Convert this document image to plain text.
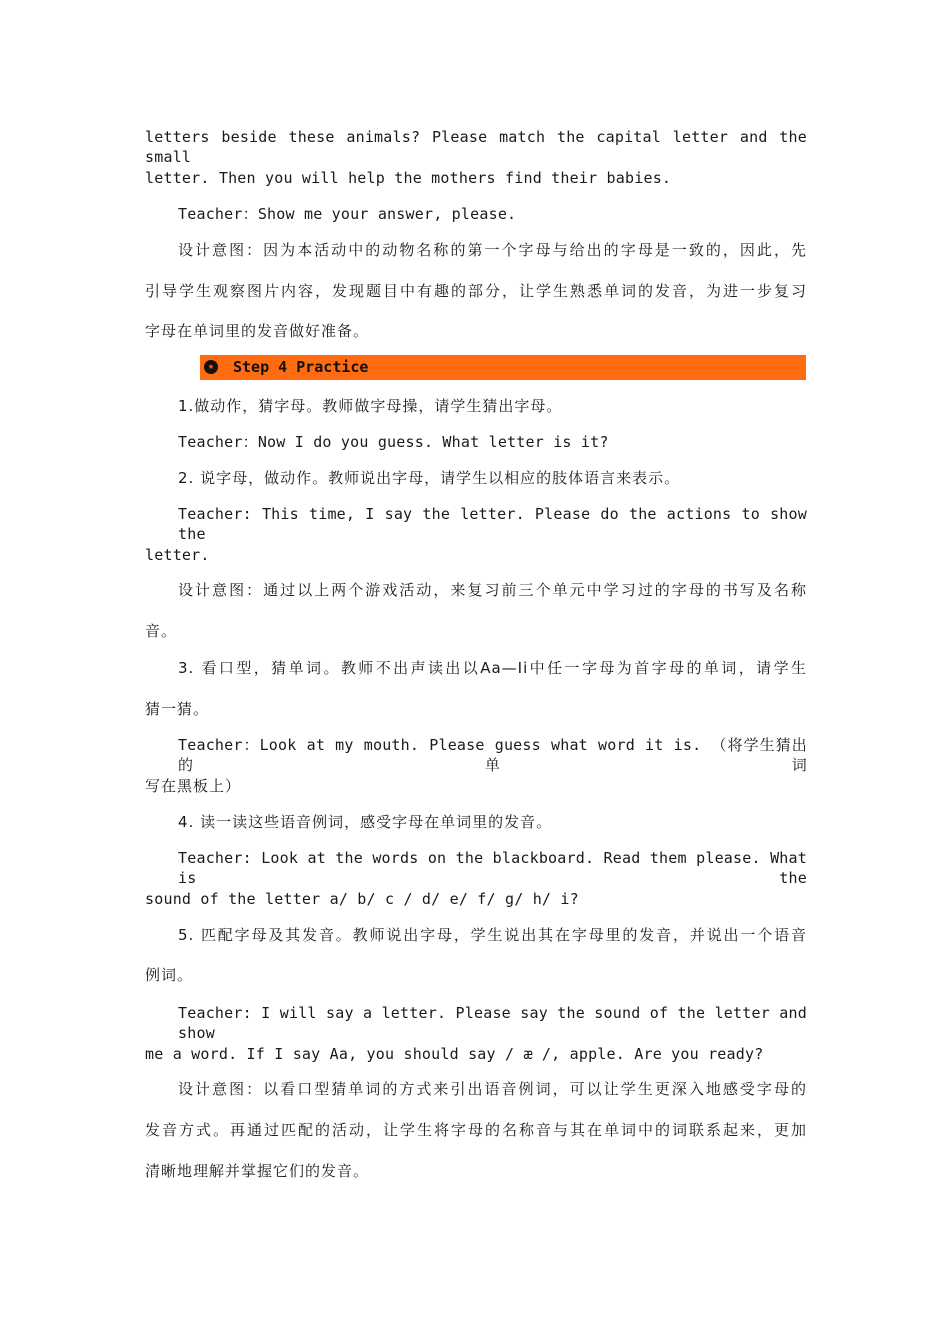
letters beside these animals? Please match the capital letter and the small
letter. Then you will help the mothers find their babies.
Teacher：Show me your answer, please.
设计意图：因为本活动中的动物名称的第一个字母与给出的字母是一致的，因此，先
引导学生观察图片内容，发现题目中有趣的部分，让学生熟悉单词的发音，为进一步复习
字母在单词里的发音做好准备。
★ Step 4 Practice
1.做动作，猜字母。教师做字母操，请学生猜出字母。
Teacher：Now I do you guess. What letter is it?
2. 说字母，做动作。教师说出字母，请学生以相应的肢体语言来表示。
Teacher: This time, I say the letter. Please do the actions to show the
letter.
设计意图：通过以上两个游戏活动，来复习前三个单元中学习过的字母的书写及名称
音。
3. 看口型，猜单词。教师不出声读出以Aa—Ii中任一字母为首字母的单词，请学生
猜一猜。
Teacher：Look at my mouth. Please guess what word it is. （将学生猜出的单词
写在黑板上）
4. 读一读这些语音例词，感受字母在单词里的发音。
Teacher: Look at the words on the blackboard. Read them please. What is the
sound of the letter a/ b/ c / d/ e/ f/ g/ h/ i?
5. 匹配字母及其发音。教师说出字母，学生说出其在字母里的发音，并说出一个语音
例词。
Teacher: I will say a letter. Please say the sound of the letter and show
me a word. If I say Aa, you should say / æ /, apple. Are you ready?
设计意图：以看口型猜单词的方式来引出语音例词，可以让学生更深入地感受字母的
发音方式。再通过匹配的活动，让学生将字母的名称音与其在单词中的词联系起来，更加
清晰地理解并掌握它们的发音。
